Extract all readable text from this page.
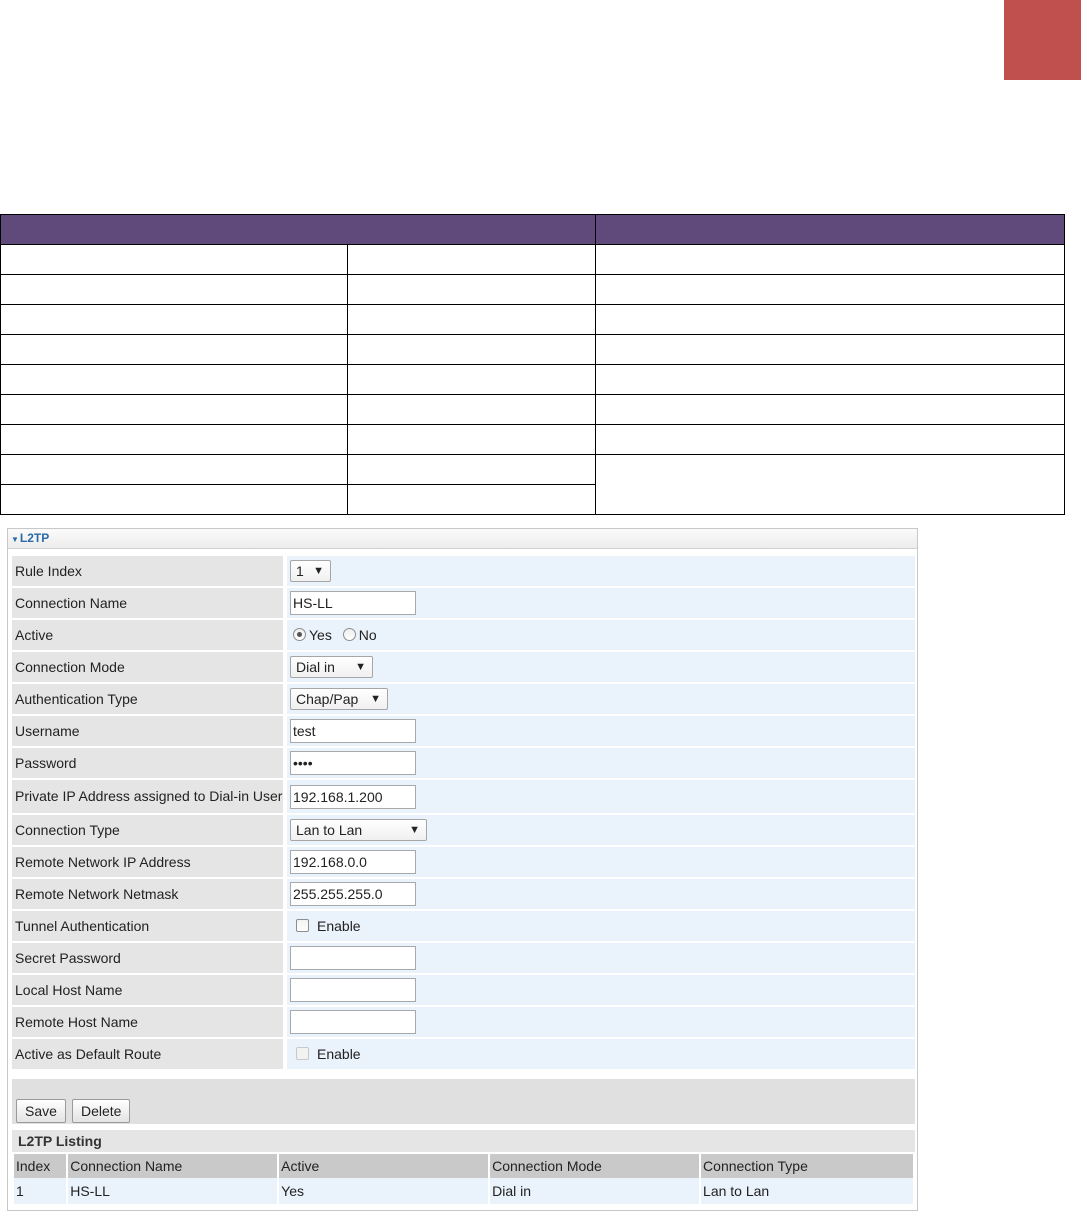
▼L2TP
Rule Index		1 ▼

Connection Name		HS-LL
Active		Yes No
Connection Mode		Dial in ▼

Authentication Type		Chap/Pap ▼

Username		test
Password		••••
Private IP Address assigned to Dial-in User		192.168.1.200
Connection Type		Lan to Lan ▼

Remote Network IP Address		192.168.0.0
Remote Network Netmask		255.255.255.0
Tunnel Authentication		Enable
Secret Password		
Local Host Name		
Remote Host Name		
Active as Default Route		Enable
Save	Delete
L2TP Listing
Index	Connection Name	Active	Connection Mode	Connection Type
1	HS-LL	Yes	Dial in	Lan to Lan
